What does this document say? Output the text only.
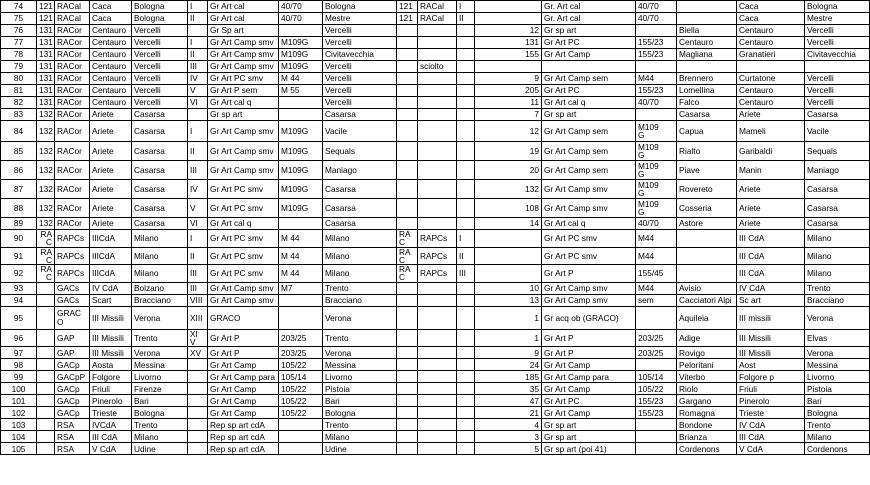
74	121	RACal	Caca	Bologna	I	Gr Art cal	40/70	Bologna	121	RACal	I		Gr. Art cal	40/70		Caca	Bologna
75	121	RACal	Caca	Bologna	II	Gr Art cal	40/70	Mestre	121	RACal	II		Gr. Art cal	40/70		Caca	Mestre
76	131	RACor	Centauro	Vercelli		Gr Sp art		Vercelli				12	Gr sp art		Biella	Centauro	Vercelli
77	131	RACor	Centauro	Vercelli	I	Gr Art Camp smv	M109G	Vercelli				131	Gr Art PC	155/23	Centauro	Centauro	Vercelli
78	131	RACor	Centauro	Vercelli	II	Gr Art Camp smv	M109G	Civitavecchia				155	Gr Art Camp	155/23	Magliana	Granatieri	Civitavecchia
79	131	RACor	Centauro	Vercelli	III	Gr Art Camp smv	M109G	Vercelli		sciolto							
80	131	RACor	Centauro	Vercelli	IV	Gr Art PC smv	M 44	Vercelli				9	Gr Art Camp sem	M44	Brennero	Curtatone	Vercelli
81	131	RACor	Centauro	Vercelli	V	Gr Art P sem	M 55	Vercelli				205	Gr Art PC	155/23	Lomellina	Centauro	Vercelli
82	131	RACor	Centauro	Vercelli	VI	Gr Art cal q		Vercelli				11	Gr Art cal q	40/70	Falco	Centauro	Vercelli
83	132	RACor	Ariete	Casarsa		Gr sp art		Casarsa				7	Gr sp art		Casarsa	Ariete	Casarsa
84	132	RACor	Ariete	Casarsa	I	Gr Art Camp smv	M109G	Vacile				12	Gr Art Camp sem	M109
G	Capua	Mameli	Vacile
85	132	RACor	Ariete	Casarsa	II	Gr Art Camp smv	M109G	Sequals				19	Gr Art Camp sem	M109
G	Rialto	Garibaldi	Sequals
86	132	RACor	Ariete	Casarsa	III	Gr Art Camp smv	M109G	Maniago				20	Gr Art Camp sem	M109
G	Piave	Manin	Maniago
87	132	RACor	Ariete	Casarsa	IV	Gr Art PC smv	M109G	Casarsa				132	Gr Art Camp smv	M109
G	Rovereto	Ariete	Casarsa
88	132	RACor	Ariete	Casarsa	V	Gr Art PC smv	M109G	Casarsa				108	Gr Art Camp smv	M109
G	Cosseria	Ariete	Casarsa
89	132	RACor	Ariete	Casarsa	VI	Gr Art cal q		Casarsa				14	Gr Art cal q	40/70	Astore	Ariete	Casarsa
90	RA
C	RAPCs	IIICdA	Milano	I	Gr Art PC smv	M 44	Milano	RA
C	RAPCs	I		Gr Art PC smv	M44		III CdA	Milano
91	RA
C	RAPCs	IIICdA	Milano	II	Gr Art PC smv	M 44	Milano	RA
C	RAPCs	II		Gr Art PC smv	M44		III CdA	Milano
92	RA
C	RAPCs	IIICdA	Milano	III	Gr Art PC smv	M 44	Milano	RA
C	RAPCs	III		Gr Art P	155/45		III CdA	Milano
93		GACs	IV CdA	Bolzano	III	Gr Art Camp smv	M7	Trento				10	Gr Art Camp smv	M44	Avisio	IV CdA	Trento
94		GACs	Scart	Bracciano	VIII	Gr Art Camp smv		Bracciano				13	Gr Art Camp smv	sem	Cacciatori Alpi	Sc art	Bracciano
95		GRAC
O	III Missili	Verona	XIII	GRACO		Verona				1	Gr acq ob (GRACO)		Aquileia	III missili	Verona
96		GAP	III Missili	Trento	XI
V	Gr Art P	203/25	Trento				1	Gr Art P	203/25	Adige	III Missili	Elvas
97		GAP	III Missili	Verona	XV	Gr Art P	203/25	Verona				9	Gr Art P	203/25	Rovigo	III Missili	Verona
98		GACp	Aosta	Messina		Gr Art Camp	105/22	Messina				24	Gr Art Camp		Peloritani	Aost	Messina
99		GACpP	Folgore	Livorno		Gr Art Camp para	105/14	Livorno				185	Gr Art Camp para	105/14	Viterbo	Folgore p	Livorno
100		GACp	Friuli	Firenze		Gr Art Camp	105/22	Pistoia				35	Gr Art Camp	105/22	Riolo	Friuli	Pistoia
101		GACp	Pinerolo	Bari		Gr Art Camp	105/22	Bari				47	Gr Art PC	155/23	Gargano	Pinerolo	Bari
102		GACp	Trieste	Bologna		Gr Art Camp	105/22	Bologna				21	Gr Art Camp	155/23	Romagna	Trieste	Bologna
103		RSA	IVCdA	Trento		Rep sp art cdA		Trento				4	Gr sp art		Bondone	IV CdA	Trento
104		RSA	III CdA	Milano		Rep sp art cdA		Milano				3	Gr sp art		Brianza	III CdA	Milano
105		RSA	V CdA	Udine		Rep sp art cdA		Udine				5	Gr sp art (poi 41)		Cordenons	V CdA	Cordenons
